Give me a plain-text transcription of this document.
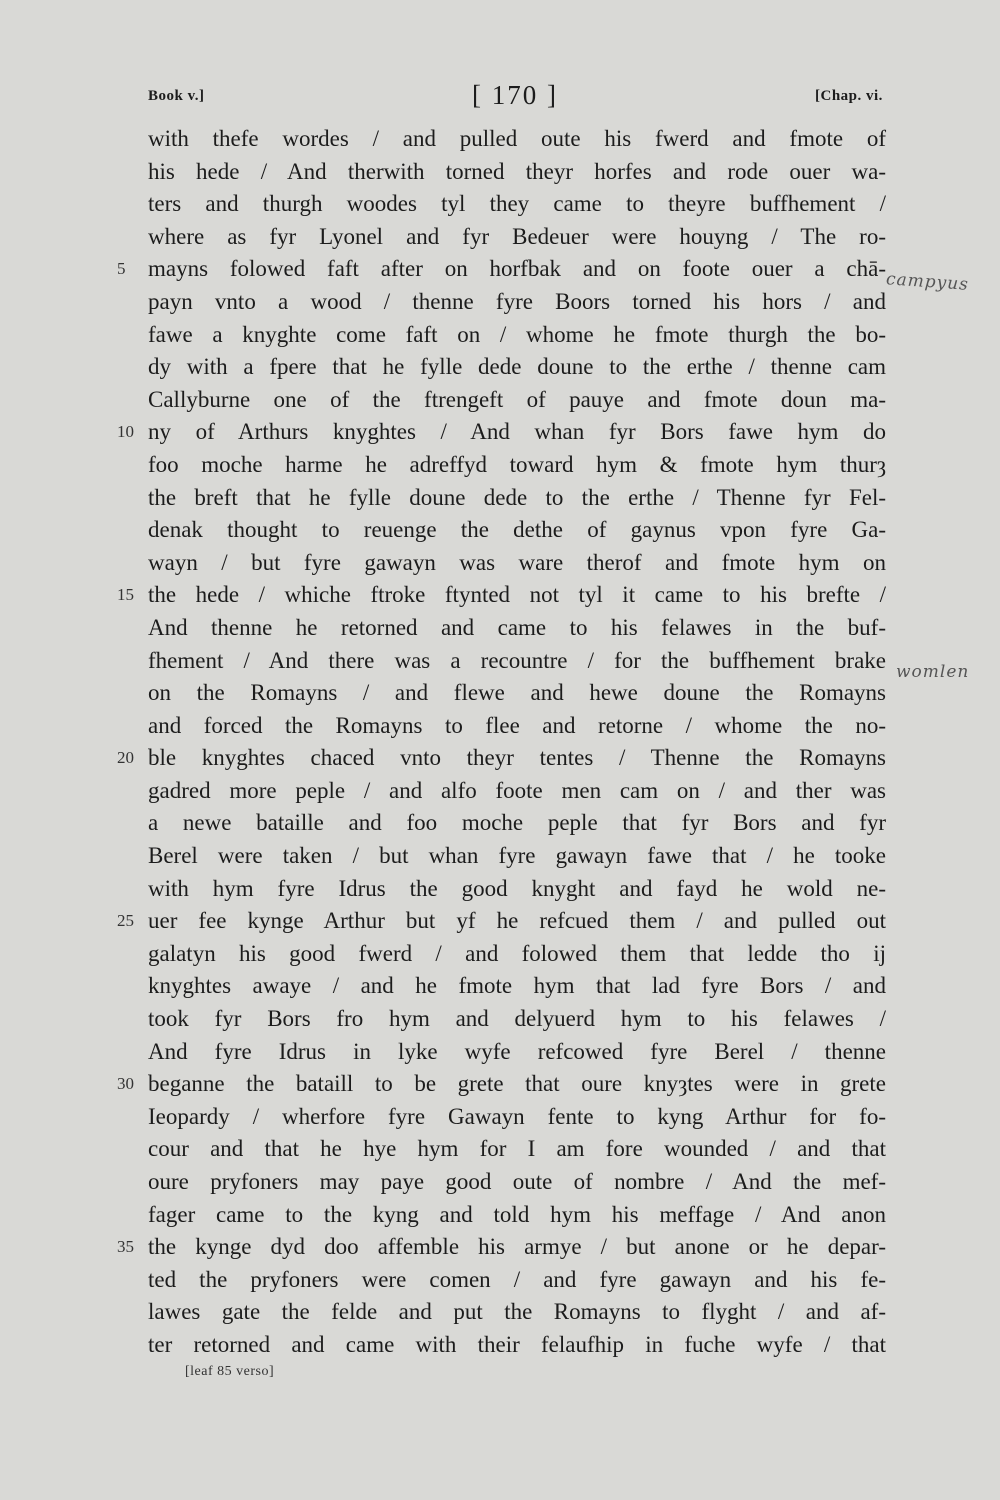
Book v.]	[ 170 ]	[Chap. vi.
with thefe wordes / and pulled oute his fwerd and fmote of
his hede / And therwith torned theyr horfes and rode ouer wa-
ters and thurgh woodes tyl they came to theyre buffhement /
where as fyr Lyonel and fyr Bedeuer were houyng / The ro-
5 mayns folowed faft after on horfbak and on foote ouer a chā-
payn vnto a wood / thenne fyre Boors torned his hors / and
fawe a knyghte come faft on / whome he fmote thurgh the bo-
dy with a fpere that he fylle dede doune to the erthe / thenne cam
Callyburne one of the ftrengeft of pauye and fmote doun ma-
10 ny of Arthurs knyghtes / And whan fyr Bors fawe hym do
foo moche harme he adreffyd toward hym & fmote hym thurȝ
the breft that he fylle doune dede to the erthe / Thenne fyr Fel-
denak thought to reuenge the dethe of gaynus vpon fyre Ga-
wayn / but fyre gawayn was ware therof and fmote hym on
15 the hede / whiche ftroke ftynted not tyl it came to his brefte /
And thenne he retorned and came to his felawes in the buf-
fhement / And there was a recountre / for the buffhement brake
on the Romayns / and flewe and hewe doune the Romayns
and forced the Romayns to flee and retorne / whome the no-
20 ble knyghtes chaced vnto theyr tentes / Thenne the Romayns
gadred more peple / and alfo foote men cam on / and ther was
a newe bataille and foo moche peple that fyr Bors and fyr
Berel were taken / but whan fyre gawayn fawe that / he tooke
with hym fyre Idrus the good knyght and fayd he wold ne-
25 uer fee kynge Arthur but yf he refcued them / and pulled out
galatyn his good fwerd / and folowed them that ledde tho ij
knyghtes awaye / and he fmote hym that lad fyre Bors / and
took fyr Bors fro hym and delyuerd hym to his felawes /
And fyre Idrus in lyke wyfe refcowed fyre Berel / thenne
30 beganne the bataill to be grete that oure knyȝtes were in grete
Ieopardy / wherfore fyre Gawayn fente to kyng Arthur for fo-
cour and that he hye hym for I am fore wounded / and that
oure pryfoners may paye good oute of nombre / And the mef-
fager came to the kyng and told hym his meffage / And anon
35 the kynge dyd doo affemble his armye / but anone or he depar-
ted the pryfoners were comen / and fyre gawayn and his fe-
lawes gate the felde and put the Romayns to flyght / and af-
ter retorned and came with their felaufhip in fuche wyfe / that
campyus
womlen
[leaf 85 verso]
